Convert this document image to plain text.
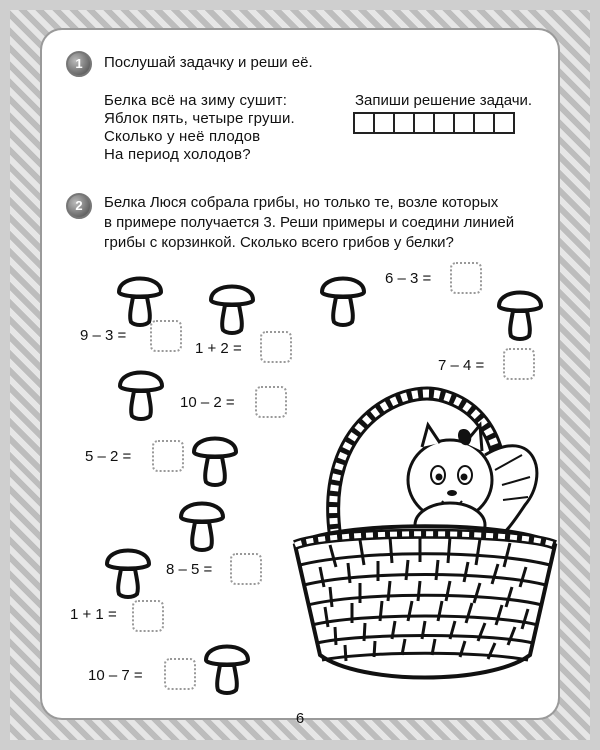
1	Послушай задачку и реши её.
Белка всё на зиму сушит:
Яблок пять, четыре груши.
Сколько у неё плодов
На период холодов?
Запиши решение задачи.
2	Белка Люся собрала грибы, но только те, возле которых
в примере получается 3. Реши примеры и соедини линией
грибы с корзинкой. Сколько всего грибов у белки?
9 – 3 =
1 + 2 =
10 – 2 =
5 – 2 =
8 – 5 =
1 + 1 =
10 – 7 =
6 – 3 =
7 – 4 =
6
